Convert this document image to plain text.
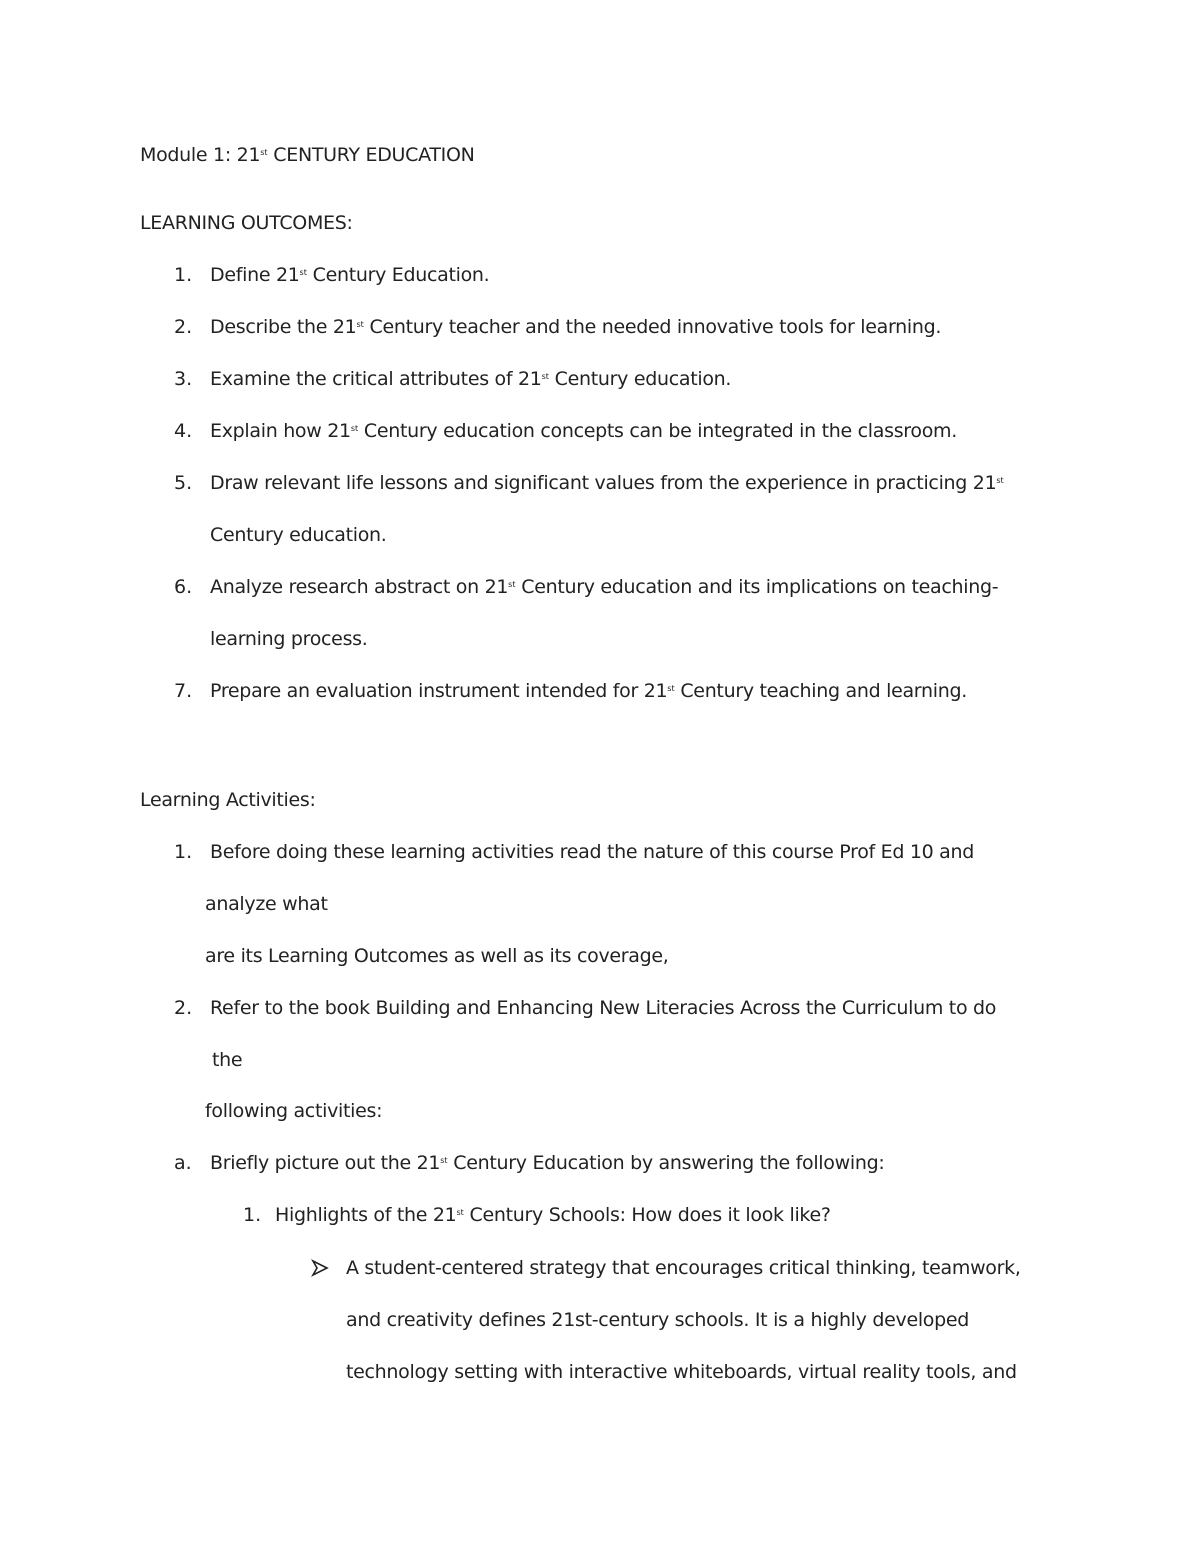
Module 1: 21st CENTURY EDUCATION
LEARNING OUTCOMES:
1. Define 21st Century Education.
2. Describe the 21st Century teacher and the needed innovative tools for learning.
3. Examine the critical attributes of 21st Century education.
4. Explain how 21st Century education concepts can be integrated in the classroom.
5. Draw relevant life lessons and significant values from the experience in practicing 21st
Century education.
6. Analyze research abstract on 21st Century education and its implications on teaching-
learning process.
7. Prepare an evaluation instrument intended for 21st Century teaching and learning.
Learning Activities:
1. Before doing these learning activities read the nature of this course Prof Ed 10 and
analyze what
are its Learning Outcomes as well as its coverage,
2. Refer to the book Building and Enhancing New Literacies Across the Curriculum to do
the
following activities:
a. Briefly picture out the 21st Century Education by answering the following:
1. Highlights of the 21st Century Schools: How does it look like?
A student-centered strategy that encourages critical thinking, teamwork,
and creativity defines 21st-century schools. It is a highly developed
technology setting with interactive whiteboards, virtual reality tools, and
